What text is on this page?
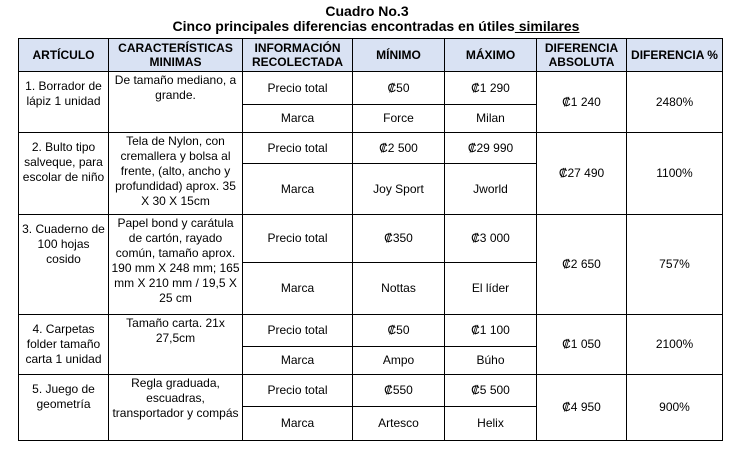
Cuadro No.3
Cinco principales diferencias encontradas en útiles similares
ARTÍCULO	CARACTERÍSTICAS MINIMAS	INFORMACIÓN RECOLECTADA	MÍNIMO	MÁXIMO	DIFERENCIA ABSOLUTA	DIFERENCIA %
1. Borrador de lápiz 1 unidad	De tamaño mediano, a grande.	Precio total	₡50	₡1 290	₡1 240	2480%
		Marca	Force	Milan		
2. Bulto tipo salveque, para escolar de niño	Tela de Nylon, con cremallera y bolsa al frente, (alto, ancho y profundidad) aprox. 35 X 30 X 15cm	Precio total	₡2 500	₡29 990	₡27 490	1100%
		Marca	Joy Sport	Jworld		
3. Cuaderno de 100 hojas cosido	Papel bond y carátula de cartón, rayado común, tamaño aprox. 190 mm X 248 mm; 165 mm X 210 mm / 19,5 X 25 cm	Precio total	₡350	₡3 000	₡2 650	757%
		Marca	Nottas	El líder		
4. Carpetas folder tamaño carta 1 unidad	Tamaño carta. 21x 27,5cm	Precio total	₡50	₡1 100	₡1 050	2100%
		Marca	Ampo	Búho		
5. Juego de geometría	Regla graduada, escuadras, transportador y compás	Precio total	₡550	₡5 500	₡4 950	900%
		Marca	Artesco	Helix		
